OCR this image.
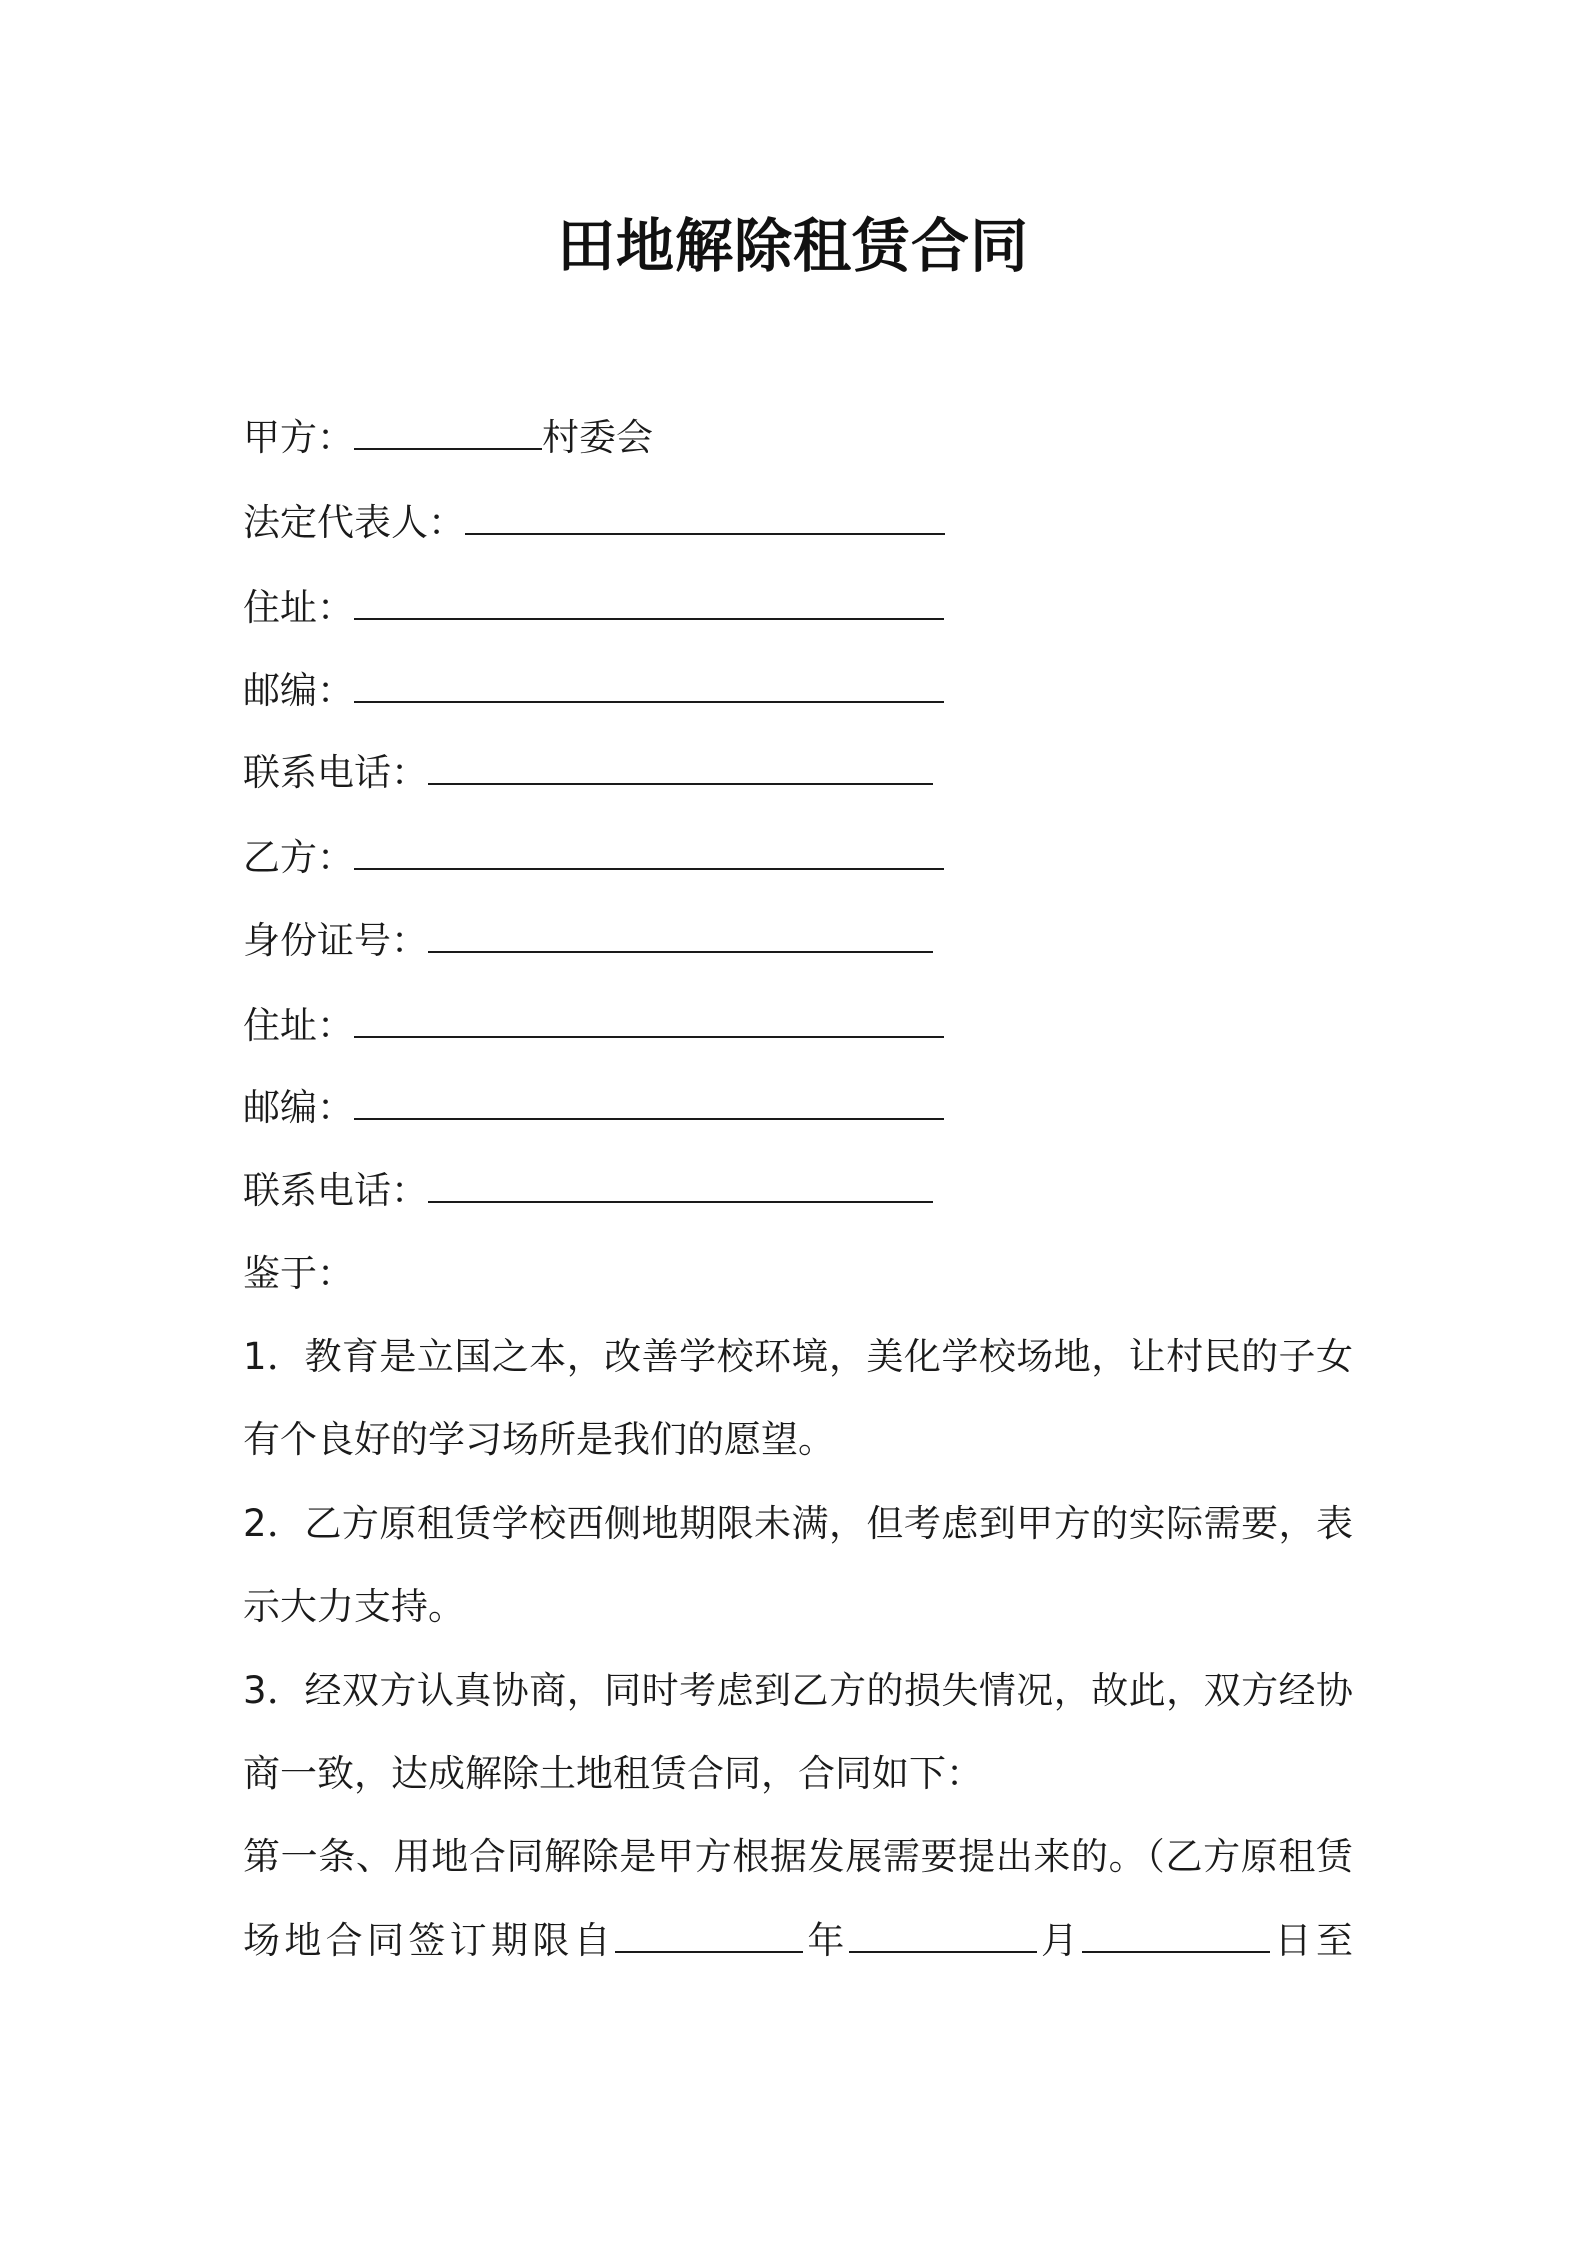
田地解除租赁合同
甲方：	村委会
法定代表人：
住址：
邮编：
联系电话：
乙方：
身份证号：
住址：
邮编：
联系电话：
鉴于：
1．教育是立国之本，改善学校环境，美化学校场地，让村民的子女
有个良好的学习场所是我们的愿望。
2．乙方原租赁学校西侧地期限未满，但考虑到甲方的实际需要，表
示大力支持。
3．经双方认真协商，同时考虑到乙方的损失情况，故此，双方经协
商一致，达成解除土地租赁合同，合同如下：
第一条、用地合同解除是甲方根据发展需要提出来的。（乙方原租赁
场地合同签订期限自	年	月	日至
